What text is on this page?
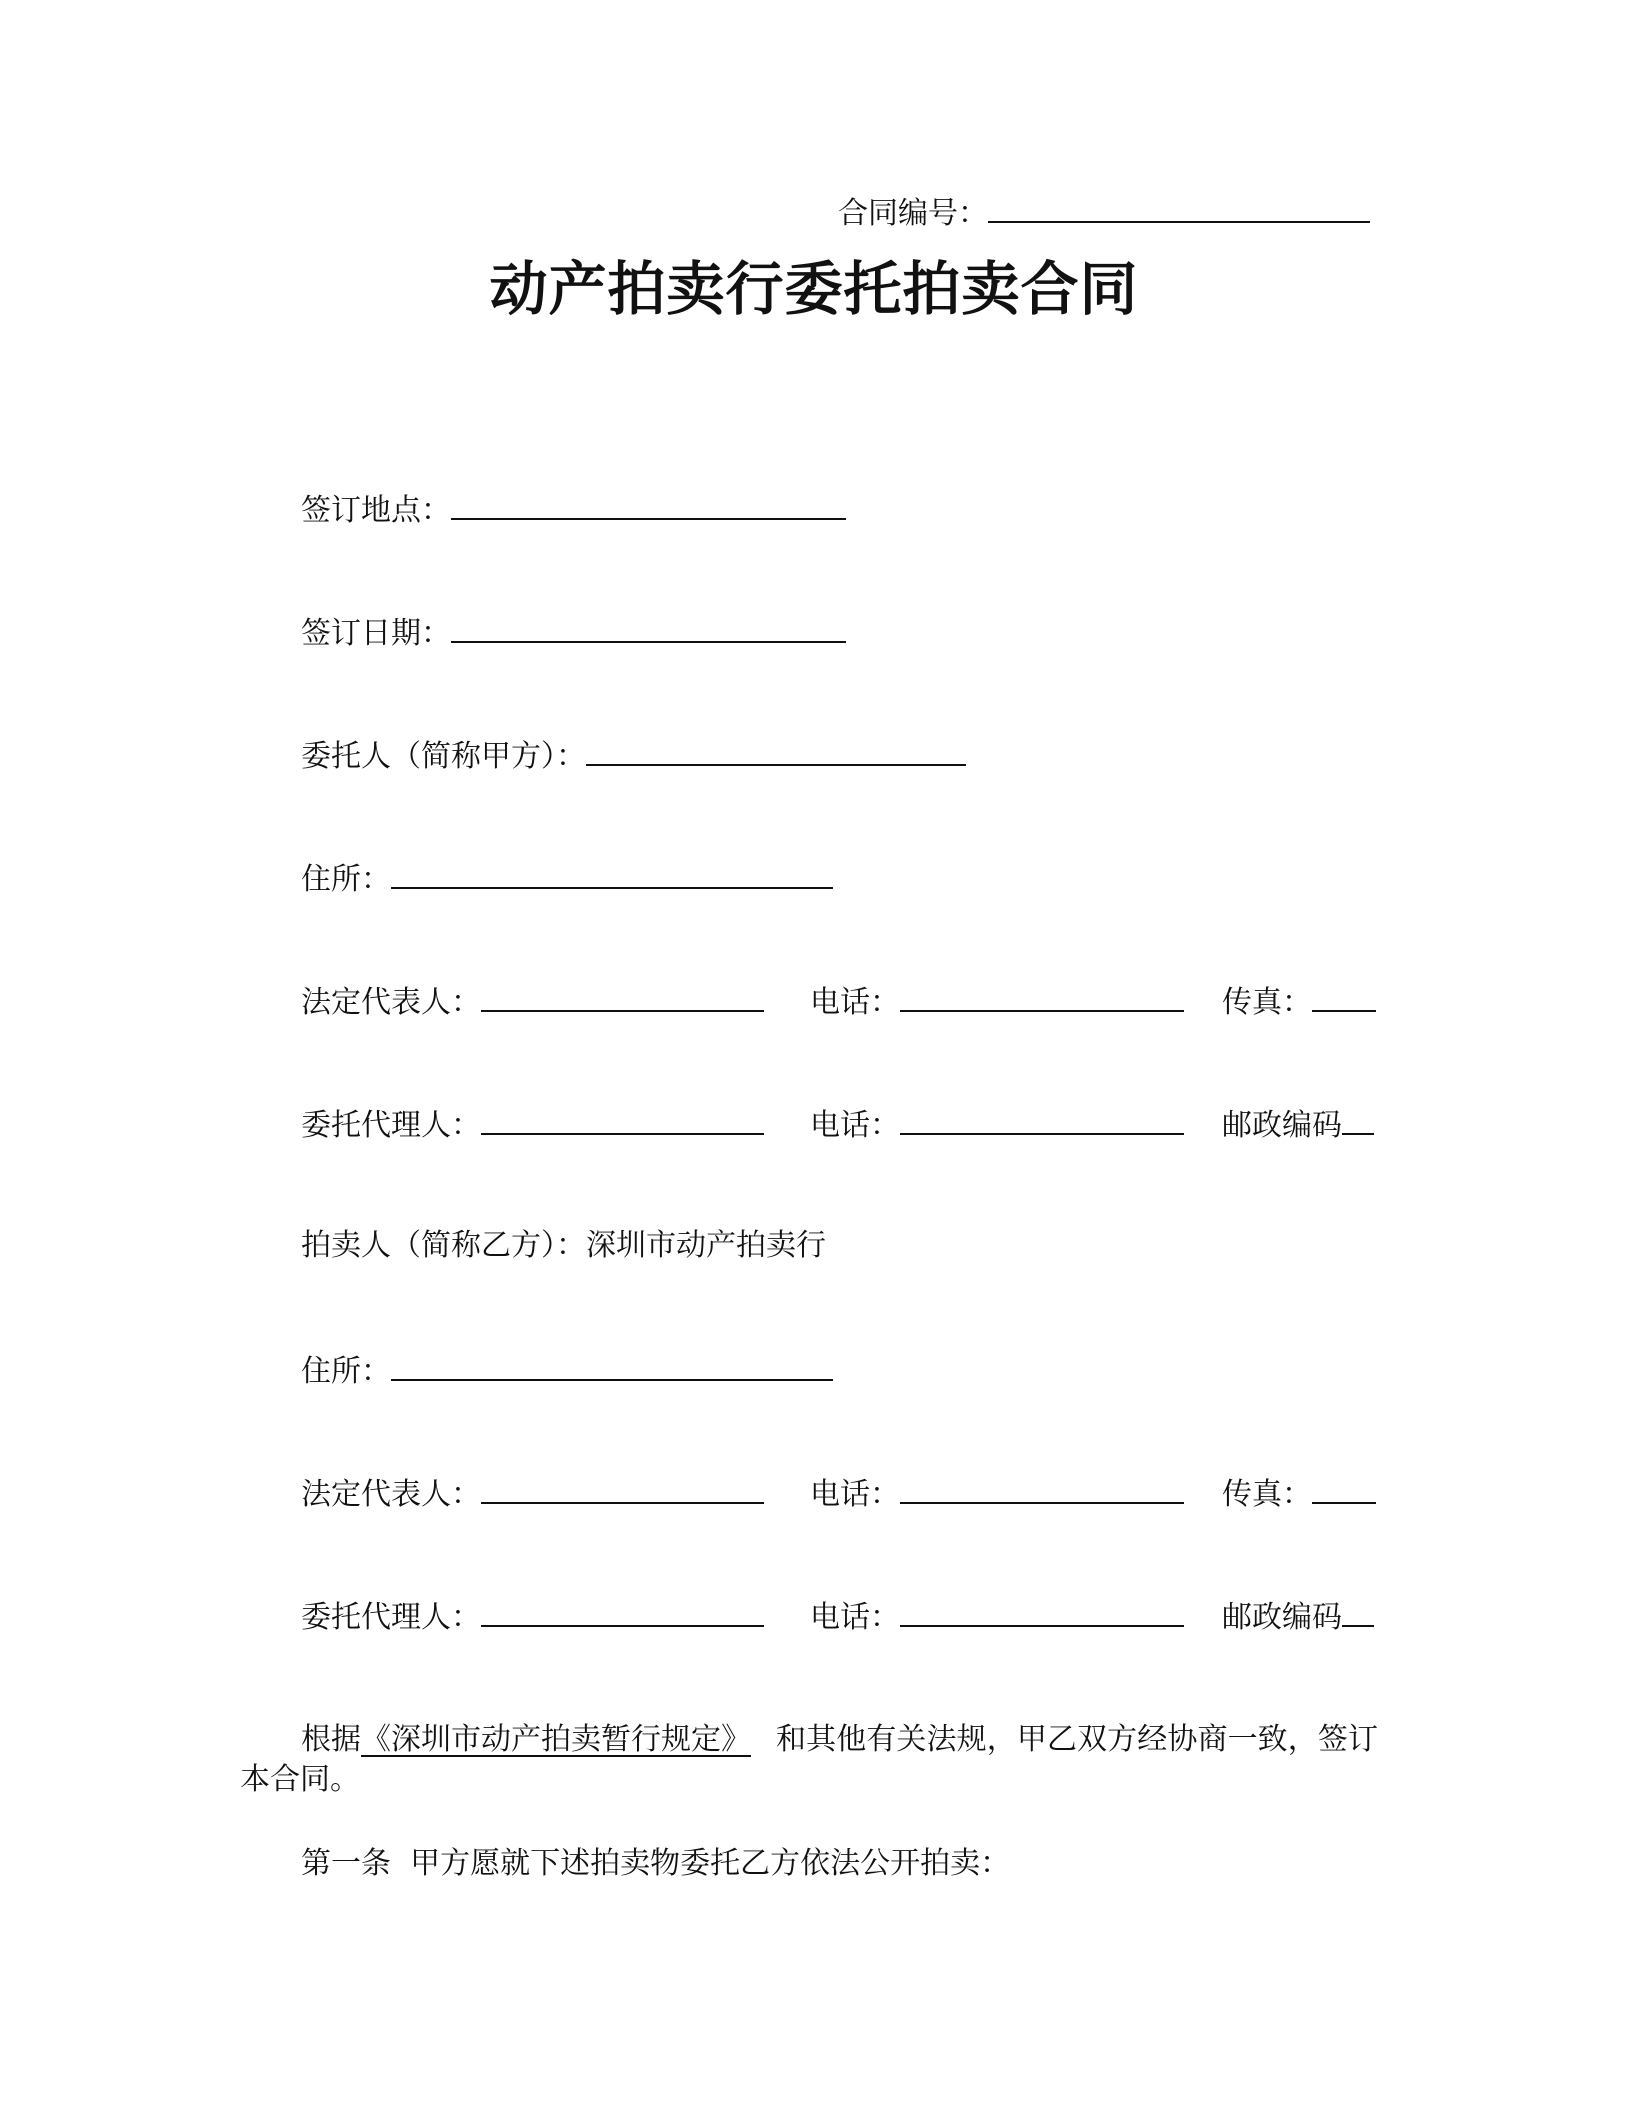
合同编号：
动产拍卖行委托拍卖合同
签订地点：
签订日期：
委托人（简称甲方）：
住所：
法定代表人：	电话：	传真：
委托代理人：	电话：	邮政编码
拍卖人（简称乙方）：深圳市动产拍卖行
住所：
法定代表人：	电话：	传真：
委托代理人：	电话：	邮政编码
根据《深圳市动产拍卖暂行规定》 和其他有关法规，甲乙双方经协商一致，签订本合同。
第一条  甲方愿就下述拍卖物委托乙方依法公开拍卖：
